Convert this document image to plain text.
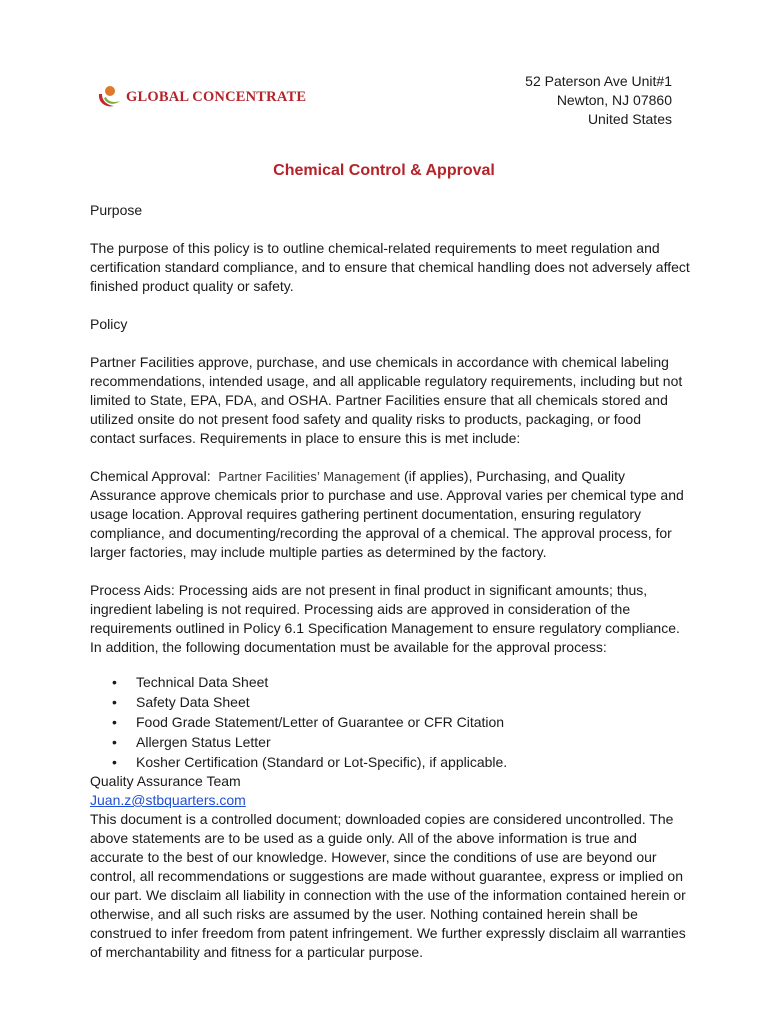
GLOBAL CONCENTRATE
52 Paterson Ave Unit#1
Newton, NJ 07860
United States
Chemical Control & Approval

Purpose

The purpose of this policy is to outline chemical-related requirements to meet regulation and certification standard compliance, and to ensure that chemical handling does not adversely affect finished product quality or safety.

Policy

Partner Facilities approve, purchase, and use chemicals in accordance with chemical labeling recommendations, intended usage, and all applicable regulatory requirements, including but not limited to State, EPA, FDA, and OSHA. Partner Facilities ensure that all chemicals stored and utilized onsite do not present food safety and quality risks to products, packaging, or food contact surfaces. Requirements in place to ensure this is met include:

Chemical Approval: Partner Facilities’ Management (if applies), Purchasing, and Quality Assurance approve chemicals prior to purchase and use. Approval varies per chemical type and usage location. Approval requires gathering pertinent documentation, ensuring regulatory compliance, and documenting/recording the approval of a chemical. The approval process, for larger factories, may include multiple parties as determined by the factory.

Process Aids: Processing aids are not present in final product in significant amounts; thus, ingredient labeling is not required. Processing aids are approved in consideration of the requirements outlined in Policy 6.1 Specification Management to ensure regulatory compliance. In addition, the following documentation must be available for the approval process:

• Technical Data Sheet
• Safety Data Sheet
• Food Grade Statement/Letter of Guarantee or CFR Citation
• Allergen Status Letter
• Kosher Certification (Standard or Lot-Specific), if applicable.

Quality Assurance Team

Juan.z@stbquarters.com

This document is a controlled document; downloaded copies are considered uncontrolled. The above statements are to be used as a guide only. All of the above information is true and accurate to the best of our knowledge. However, since the conditions of use are beyond our control, all recommendations or suggestions are made without guarantee, express or implied on our part. We disclaim all liability in connection with the use of the information contained herein or otherwise, and all such risks are assumed by the user. Nothing contained herein shall be construed to infer freedom from patent infringement. We further expressly disclaim all warranties of merchantability and fitness for a particular purpose.
